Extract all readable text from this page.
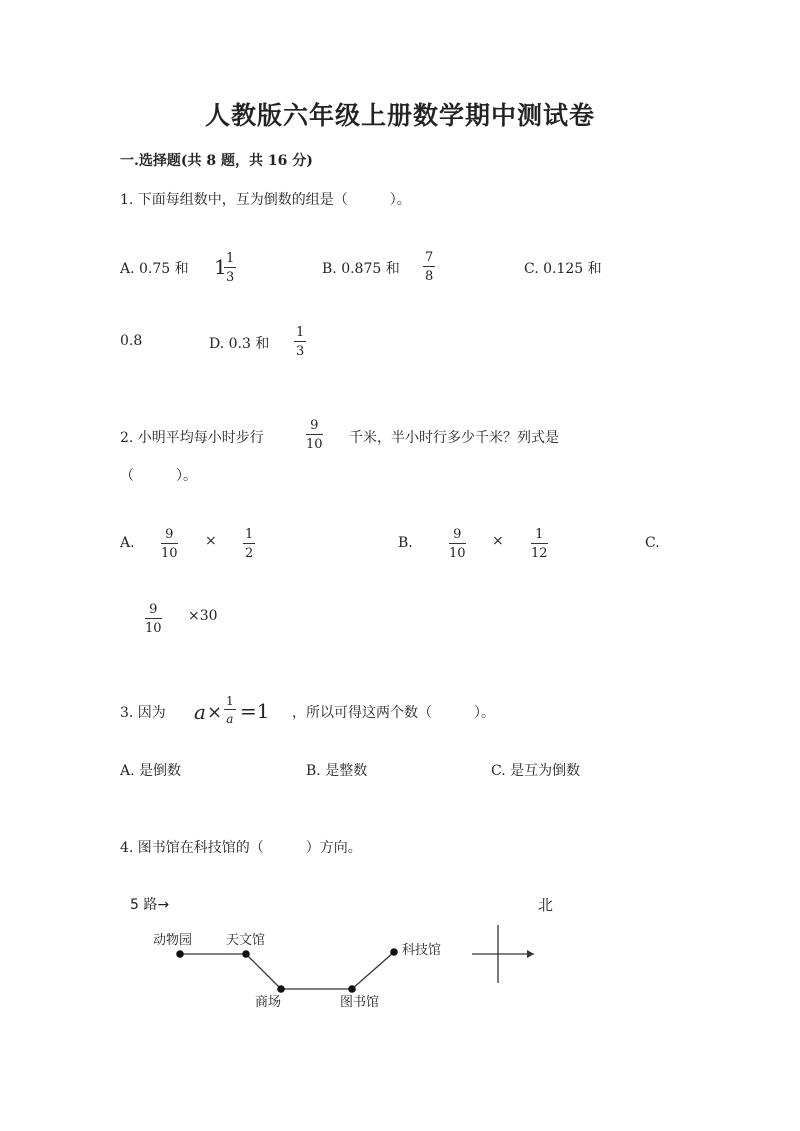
人教版六年级上册数学期中测试卷
一.选择题(共 8 题，共 16 分)
1. 下面每组数中，互为倒数的组是（　　　）。
A. 0.75 和 1 1
3
B. 0.875 和
7
8	C. 0.125 和
0.8	D. 0.3 和
1
3
2. 小明平均每小时步行
9
10 千米，半小时行多少千米？列式是
（　　　）。
A.
9
10
× 1
2
B.
9
10
× 1
12
C.
9
10
×30
3. 因为 a ×
1
a =1 ，所以可得这两个数（　　　）。
A. 是倒数	B. 是整数	C. 是互为倒数
4. 图书馆在科技馆的（　　　）方向。
5 路→	北
动物园	天文馆
商场	图书馆
科技馆
